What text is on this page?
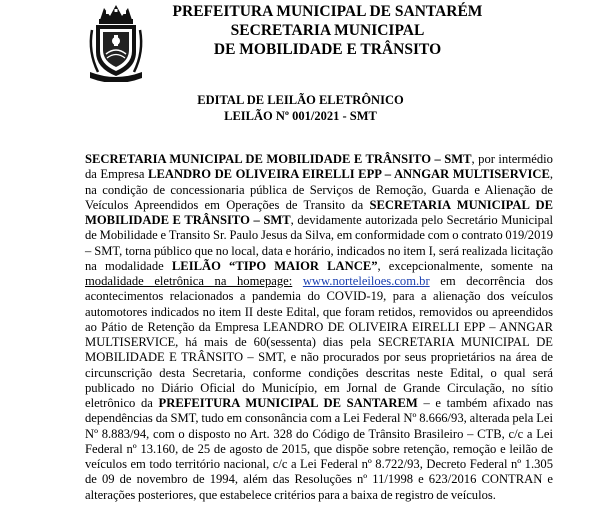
PREFEITURA MUNICIPAL DE SANTARÉM
SECRETARIA MUNICIPAL
DE MOBILIDADE E TRÂNSITO
EDITAL DE LEILÃO ELETRÔNICO
LEILÃO Nº 001/2021 - SMT

SECRETARIA MUNICIPAL DE MOBILIDADE E TRÂNSITO – SMT, por intermédio da Empresa LEANDRO DE OLIVEIRA EIRELLI EPP – ANNGAR MULTISERVICE, na condição de concessionaria pública de Serviços de Remoção, Guarda e Alienação de Veículos Apreendidos em Operações de Transito da SECRETARIA MUNICIPAL DE MOBILIDADE E TRÂNSITO – SMT, devidamente autorizada pelo Secretário Municipal de Mobilidade e Transito Sr. Paulo Jesus da Silva, em conformidade com o contrato 019/2019 – SMT, torna público que no local, data e horário, indicados no item I, será realizada licitação na modalidade LEILÃO “TIPO MAIOR LANCE”, excepcionalmente, somente na modalidade eletrônica na homepage: www.norteleiloes.com.br em decorrência dos acontecimentos relacionados a pandemia do COVID-19, para a alienação dos veículos automotores indicados no item II deste Edital, que foram retidos, removidos ou apreendidos ao Pátio de Retenção da Empresa LEANDRO DE OLIVEIRA EIRELLI EPP – ANNGAR MULTISERVICE, há mais de 60(sessenta) dias pela SECRETARIA MUNICIPAL DE MOBILIDADE E TRÂNSITO – SMT, e não procurados por seus proprietários na área de circunscrição desta Secretaria, conforme condições descritas neste Edital, o qual será publicado no Diário Oficial do Município, em Jornal de Grande Circulação, no sítio eletrônico da PREFEITURA MUNICIPAL DE SANTAREM – e também afixado nas dependências da SMT, tudo em consonância com a Lei Federal Nº 8.666/93, alterada pela Lei Nº 8.883/94, com o disposto no Art. 328 do Código de Trânsito Brasileiro – CTB, c/c a Lei Federal nº 13.160, de 25 de agosto de 2015, que dispõe sobre retenção, remoção e leilão de veículos em todo território nacional, c/c a Lei Federal nº 8.722/93, Decreto Federal nº 1.305 de 09 de novembro de 1994, além das Resoluções nº 11/1998 e 623/2016 CONTRAN e alterações posteriores, que estabelece critérios para a baixa de registro de veículos.
